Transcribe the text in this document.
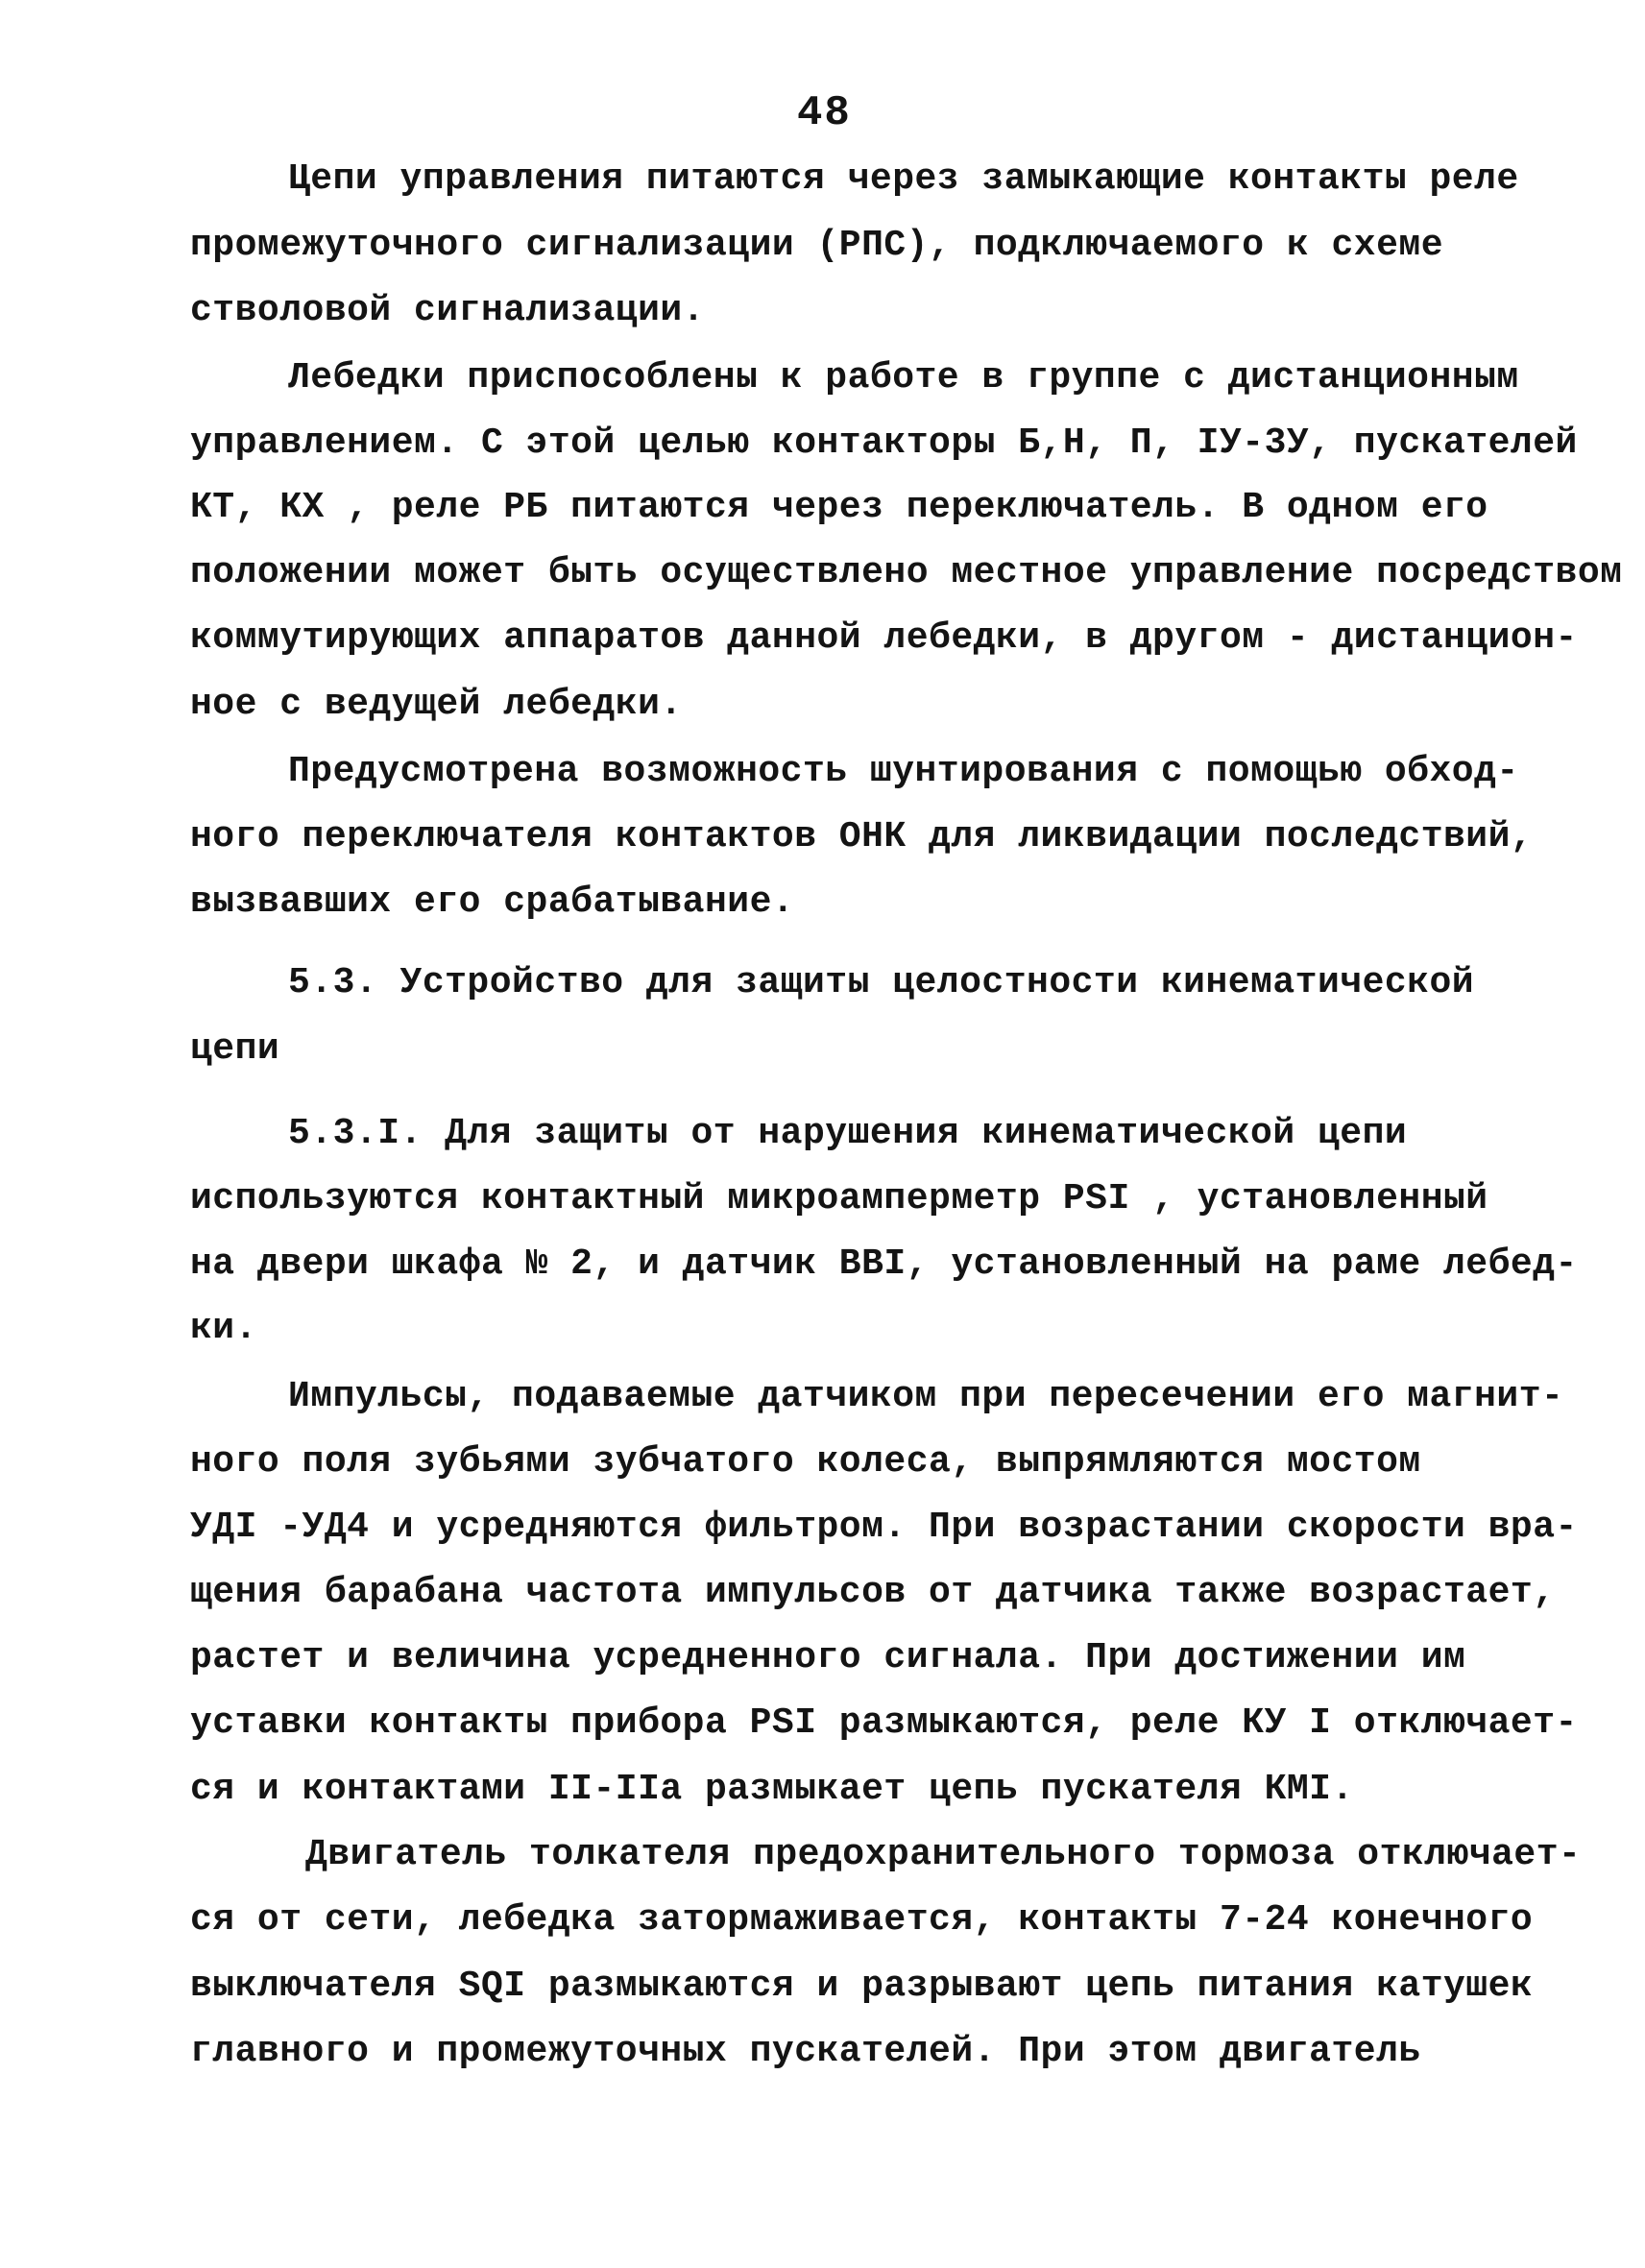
48
Цепи управления питаются через замыкающие контакты реле
промежуточного сигнализации (РПС), подключаемого к схеме
стволовой сигнализации.
Лебедки приспособлены к работе в группе с дистанционным
управлением. С этой целью контакторы Б,Н, П, IУ-3У, пускателей
КТ, КХ , реле РБ питаются через переключатель. В одном его
положении может быть осуществлено местное управление посредством
коммутирующих аппаратов данной лебедки, в другом - дистанцион-
ное с ведущей лебедки.
Предусмотрена возможность шунтирования с помощью обход-
ного переключателя контактов ОНК для ликвидации последствий,
вызвавших его срабатывание.
5.3. Устройство для защиты целостности кинематической
цепи
5.3.I. Для защиты от нарушения кинематической цепи
используются контактный микроамперметр PSI , установленный
на двери шкафа № 2, и датчик ВВI, установленный на раме лебед-
ки.
Импульсы, подаваемые датчиком при пересечении его магнит-
ного поля зубьями зубчатого колеса, выпрямляются мостом
УДI -УД4 и усредняются фильтром. При возрастании скорости вра-
щения барабана частота импульсов от датчика также возрастает,
растет и величина усредненного сигнала. При достижении им
уставки контакты прибора PSI размыкаются, реле КУ I отключает-
ся и контактами II-IIа размыкает цепь пускателя КМI.
Двигатель толкателя предохранительного тормоза отключает-
ся от сети, лебедка затормаживается, контакты 7-24 конечного
выключателя SQI размыкаются и разрывают цепь питания катушек
главного и промежуточных пускателей. При этом двигатель
